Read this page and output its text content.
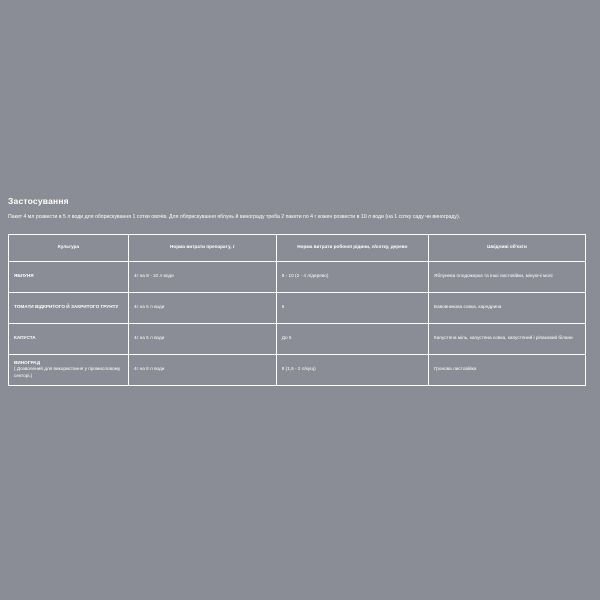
Застосування
Пакет 4 мл розвести в 5 л води для обприскування 1 сотки овочів. Для обприскування яблунь й винограду треба 2 пакети по 4 г кожен розвести в 10 л води (на 1 сотку саду чи винограду).
Культура	Норма витрати препарату, г	Норма витрати робочої рідини, л/сотку, дерево	Шкідливі об'єкти
ЯБЛУНЯ	4г на 8 - 10 л води	8 - 10 (2 - 4 л/дерево)	Яблунева плодожерка та інші листовійки, мінуючі молі
ТОМАТИ ВІДКРИТОГО Й ЗАКРИТОГО ГРУНТУ	4г на 5 л води	5	Бавовникова совка, каредрина
КАПУСТА	4г на 5 л води	До 5	Капустяна міль, капустяна совка, капустяний і ріпаковий білани
ВИНОГРАД
( Дозволений для використання у промисловому секторі.)	4г на 8 л води	8 (1,5 - 2 л/кущ)	Гронова листовійка
